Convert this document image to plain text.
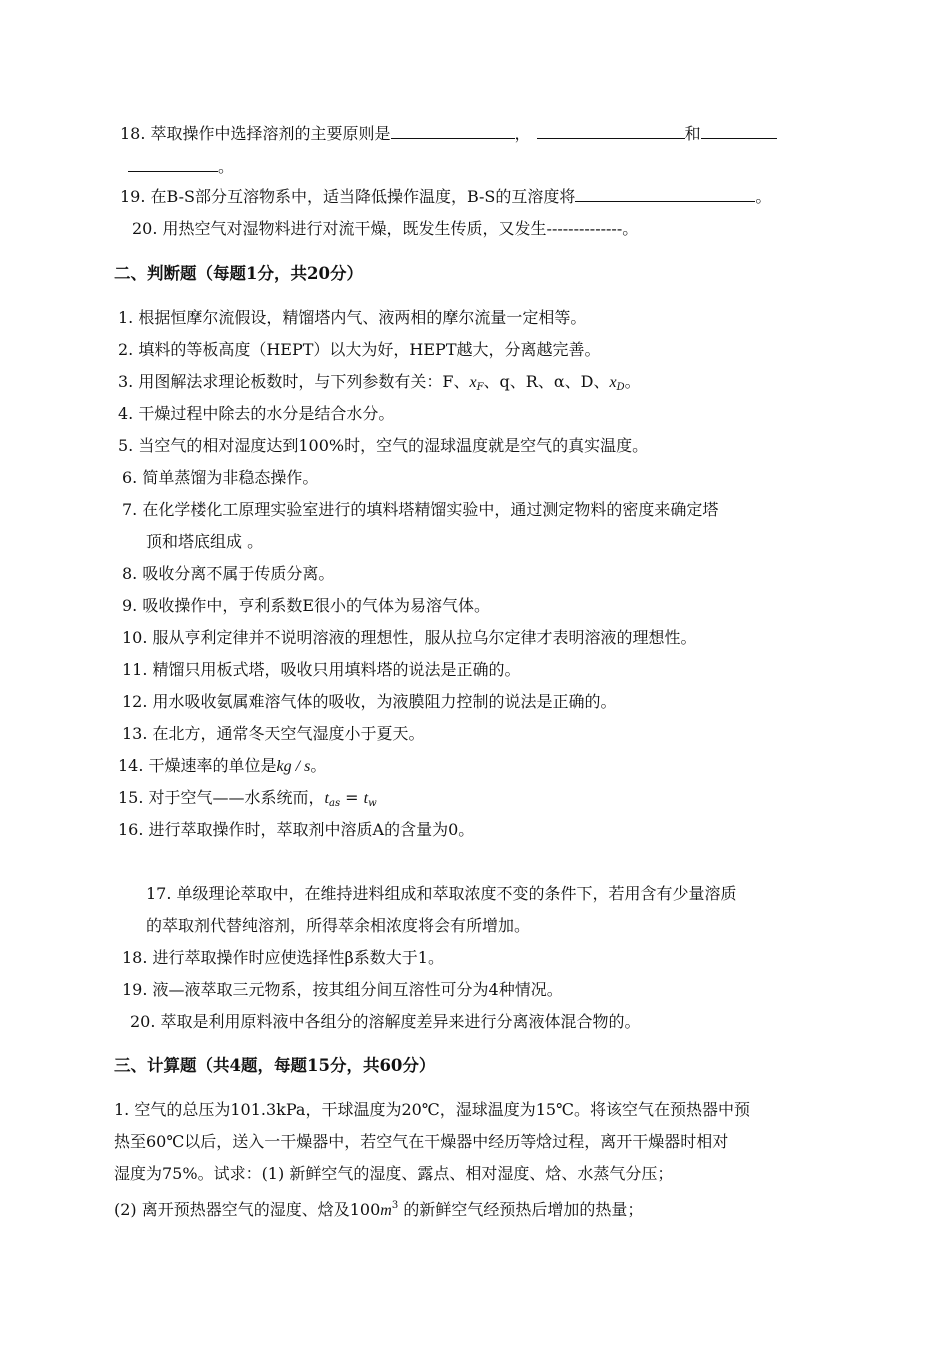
18. 萃取操作中选择溶剂的主要原则是	，	和
。
19. 在B-S部分互溶物系中，适当降低操作温度，B-S的互溶度将	。
20. 用热空气对湿物料进行对流干燥，既发生传质，又发生--------------。
二、判断题（每题1分，共20分）
1. 根据恒摩尔流假设，精馏塔内气、液两相的摩尔流量一定相等。
2. 填料的等板高度（HEPT）以大为好，HEPT越大，分离越完善。
3. 用图解法求理论板数时，与下列参数有关：F、$x_F$、q、R、α、D、$x_D$。
4. 干燥过程中除去的水分是结合水分。
5. 当空气的相对湿度达到100%时，空气的湿球温度就是空气的真实温度。
6. 简单蒸馏为非稳态操作。
7. 在化学楼化工原理实验室进行的填料塔精馏实验中，通过测定物料的密度来确定塔
顶和塔底组成 。
8. 吸收分离不属于传质分离。
9. 吸收操作中，亨利系数E很小的气体为易溶气体。
10. 服从亨利定律并不说明溶液的理想性，服从拉乌尔定律才表明溶液的理想性。
11. 精馏只用板式塔，吸收只用填料塔的说法是正确的。
12. 用水吸收氨属难溶气体的吸收，为液膜阻力控制的说法是正确的。
13. 在北方，通常冬天空气湿度小于夏天。
14. 干燥速率的单位是kg / s。
15. 对于空气——水系统而，$t_{as} = t_w$
16. 进行萃取操作时，萃取剂中溶质A的含量为0。
17. 单级理论萃取中，在维持进料组成和萃取浓度不变的条件下，若用含有少量溶质
的萃取剂代替纯溶剂，所得萃余相浓度将会有所增加。
18. 进行萃取操作时应使选择性β系数大于1。
19. 液—液萃取三元物系，按其组分间互溶性可分为4种情况。
20. 萃取是利用原料液中各组分的溶解度差异来进行分离液体混合物的。
三、计算题（共4题，每题15分，共60分）
1. 空气的总压为101.3kPa，干球温度为20℃，湿球温度为15℃。将该空气在预热器中预
热至60℃以后，送入一干燥器中，若空气在干燥器中经历等焓过程，离开干燥器时相对
湿度为75%。试求：(1) 新鲜空气的湿度、露点、相对湿度、焓、水蒸气分压；
(2) 离开预热器空气的湿度、焓及$100m^3$ 的新鲜空气经预热后增加的热量；
